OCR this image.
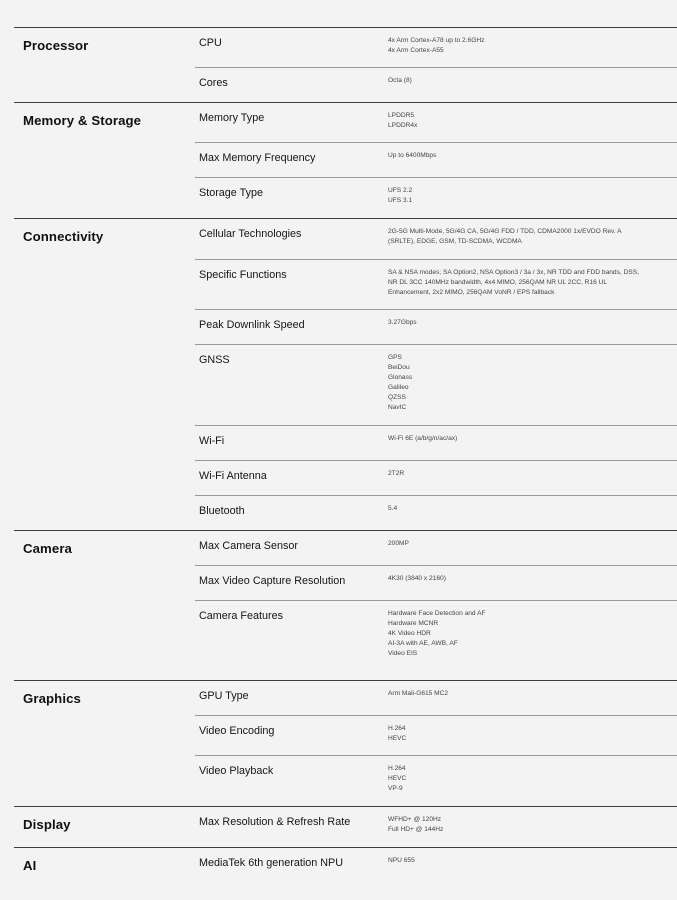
Processor	CPU	4x Arm Cortex-A78 up to 2.6GHz
4x Arm Cortex-A55
Cores	Octa (8)
Memory & Storage	Memory Type	LPDDR5
LPDDR4x
Max Memory Frequency	Up to 6400Mbps
Storage Type	UFS 2.2
UFS 3.1
Connectivity	Cellular Technologies	2G-5G Multi-Mode, 5G/4G CA, 5G/4G FDD / TDD, CDMA2000 1x/EVDO Rev. A (SRLTE), EDGE, GSM, TD-SCDMA, WCDMA
Specific Functions	SA & NSA modes; SA Option2, NSA Option3 / 3a / 3x, NR TDD and FDD bands, DSS, NR DL 3CC 140MHz bandwidth, 4x4 MIMO, 256QAM NR UL 2CC, R16 UL Enhancement, 2x2 MIMO, 256QAM VoNR / EPS fallback
Peak Downlink Speed	3.27Gbps
GNSS	GPS
BeiDou
Glonass
Galileo
QZSS
NavIC
Wi-Fi	Wi-Fi 6E (a/b/g/n/ac/ax)
Wi-Fi Antenna	2T2R
Bluetooth	5.4
Camera	Max Camera Sensor	200MP
Max Video Capture Resolution	4K30 (3840 x 2160)
Camera Features	Hardware Face Detection and AF
Hardware MCNR
4K Video HDR
AI-3A with AE, AWB, AF
Video EIS
Graphics	GPU Type	Arm Mali-G615 MC2
Video Encoding	H.264
HEVC
Video Playback	H.264
HEVC
VP-9
Display	Max Resolution & Refresh Rate	WFHD+ @ 120Hz
Full HD+ @ 144Hz
AI	MediaTek 6th generation NPU	NPU 655
